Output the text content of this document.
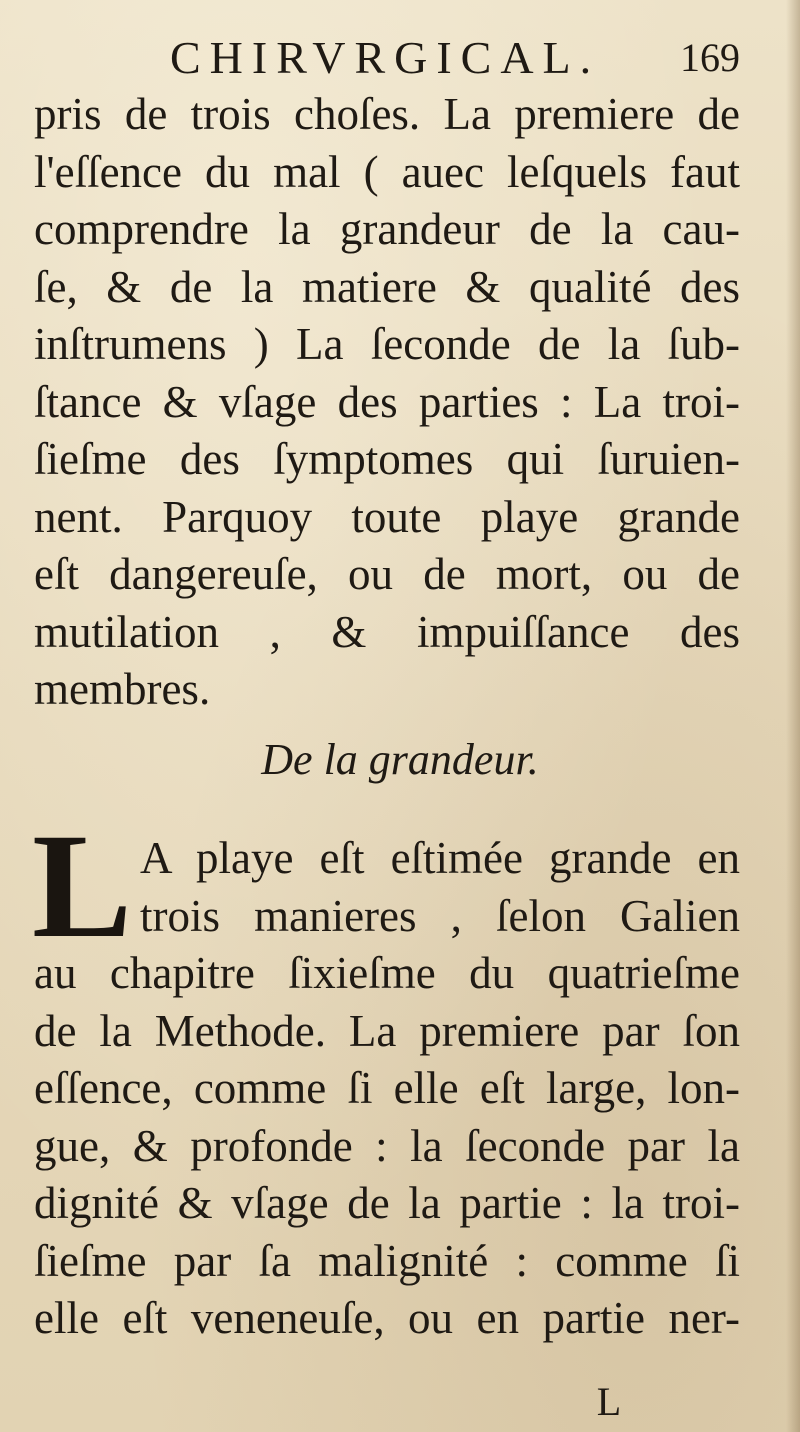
CHIRVRGICAL. 169
pris de trois choſes. La premiere de
l'eſſence du mal ( auec leſquels faut
comprendre la grandeur de la cau-
ſe, & de la matiere & qualité des
inſtrumens ) La ſeconde de la ſub-
ſtance & vſage des parties : La troi-
ſieſme des ſymptomes qui ſuruien-
nent. Parquoy toute playe grande
eſt dangereuſe, ou de mort, ou de
mutilation , & impuiſſance des
membres.
De la grandeur.
L A playe eſt eſtimée grande en
trois manieres , ſelon Galien
au chapitre ſixieſme du quatrieſme
de la Methode. La premiere par ſon
eſſence, comme ſi elle eſt large, lon-
gue, & profonde : la ſeconde par la
dignité & vſage de la partie : la troi-
ſieſme par ſa malignité : comme ſi
elle eſt veneneuſe, ou en partie ner-
L
